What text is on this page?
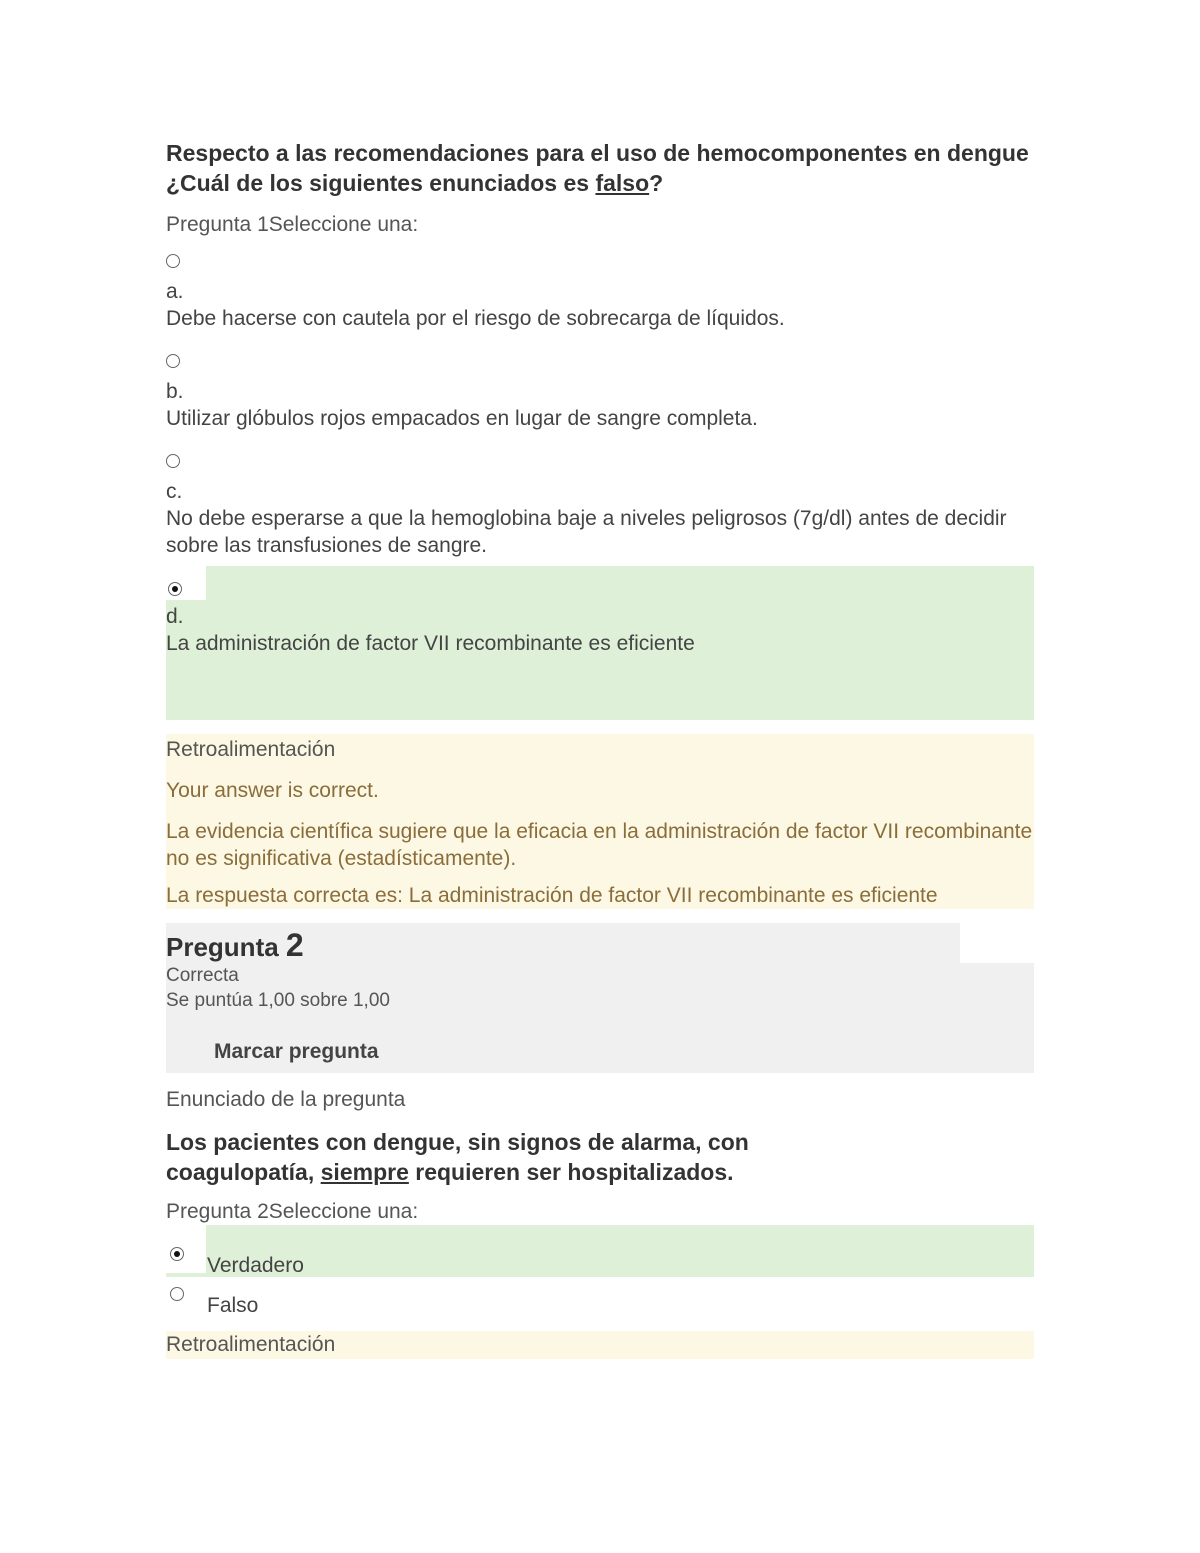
Respecto a las recomendaciones para el uso de hemocomponentes en dengue ¿Cuál de los siguientes enunciados es falso?

Pregunta 1Seleccione una:
a.
Debe hacerse con cautela por el riesgo de sobrecarga de líquidos.
b.
Utilizar glóbulos rojos empacados en lugar de sangre completa.
c.
No debe esperarse a que la hemoglobina baje a niveles peligrosos (7g/dl) antes de decidir sobre las transfusiones de sangre.
d.
La administración de factor VII recombinante es eficiente

Retroalimentación

Your answer is correct.

La evidencia científica sugiere que la eficacia en la administración de factor VII recombinante no es significativa (estadísticamente).

La respuesta correcta es: La administración de factor VII recombinante es eficiente

Pregunta 2
Correcta
Se puntúa 1,00 sobre 1,00
Marcar pregunta
Enunciado de la pregunta

Los pacientes con dengue, sin signos de alarma, con coagulopatía, siempre requieren ser hospitalizados.

Pregunta 2Seleccione una:
Verdadero
Falso

Retroalimentación
